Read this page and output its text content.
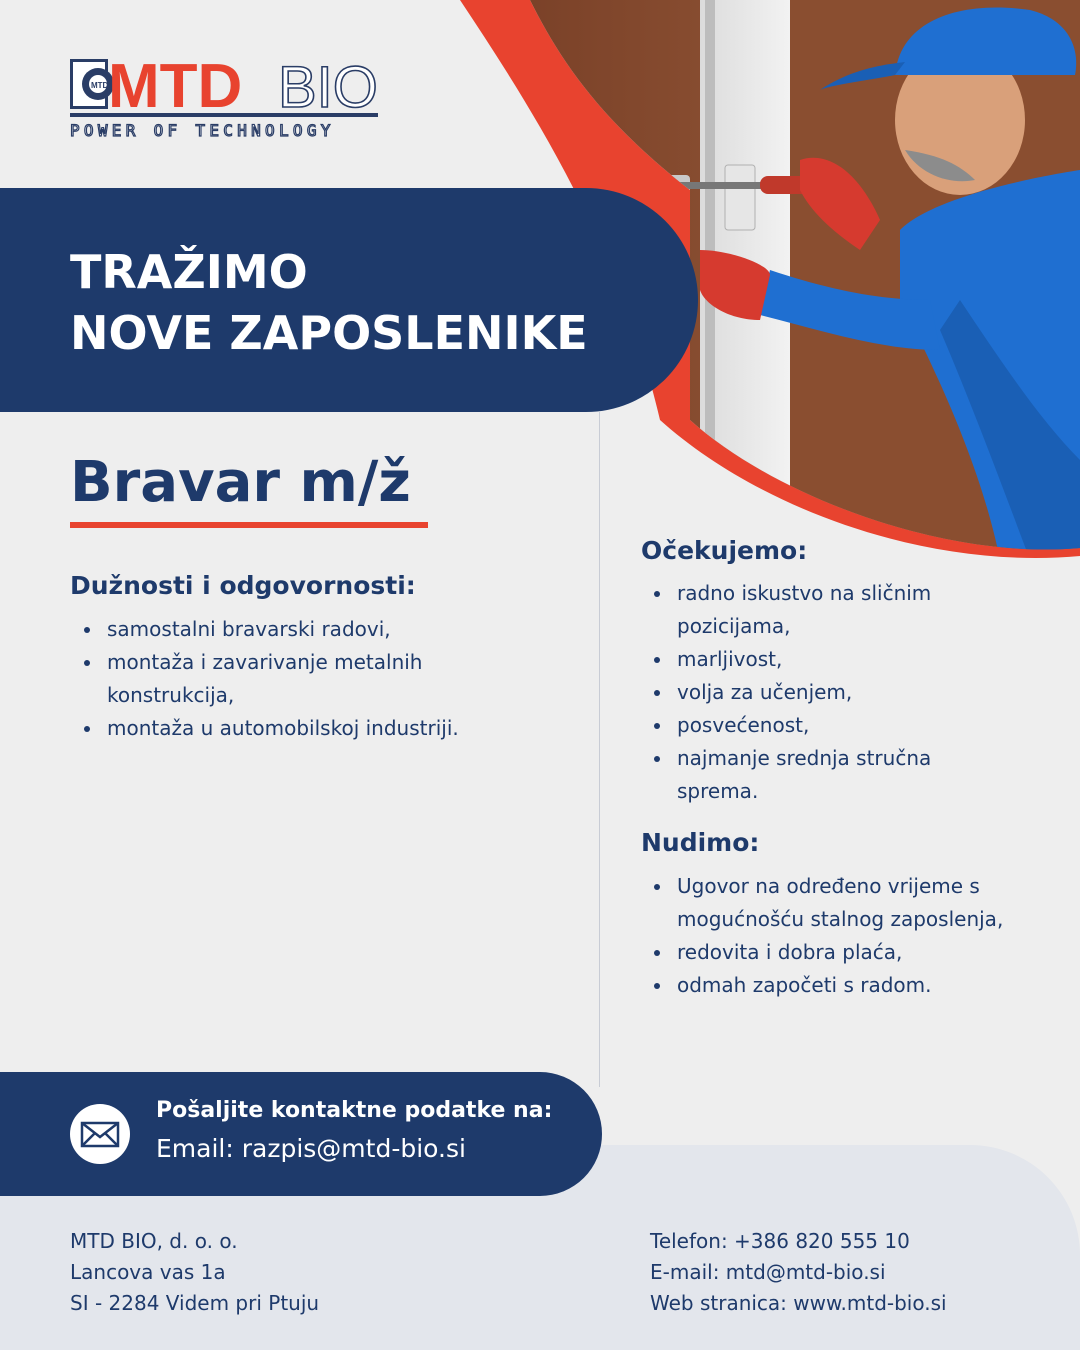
MTD BIO
MTD
POWER OF TECHNOLOGY
TRAŽIMO
NOVE ZAPOSLENIKE
Bravar m/ž
Dužnosti i odgovornosti:
samostalni bravarski radovi,
montaža i zavarivanje metalnih
konstrukcija,
montaža u automobilskoj industriji.
Očekujemo:
radno iskustvo na sličnim
pozicijama,
marljivost,
volja za učenjem,
posvećenost,
najmanje srednja stručna
sprema.
Nudimo:
Ugovor na određeno vrijeme s
mogućnošću stalnog zaposlenja,
redovita i dobra plaća,
odmah započeti s radom.
Pošaljite kontaktne podatke na:
Email: razpis@mtd-bio.si
MTD BIO, d. o. o.
Lancova vas 1a
SI - 2284 Videm pri Ptuju
Telefon: +386 820 555 10
E-mail: mtd@mtd-bio.si
Web stranica: www.mtd-bio.si
